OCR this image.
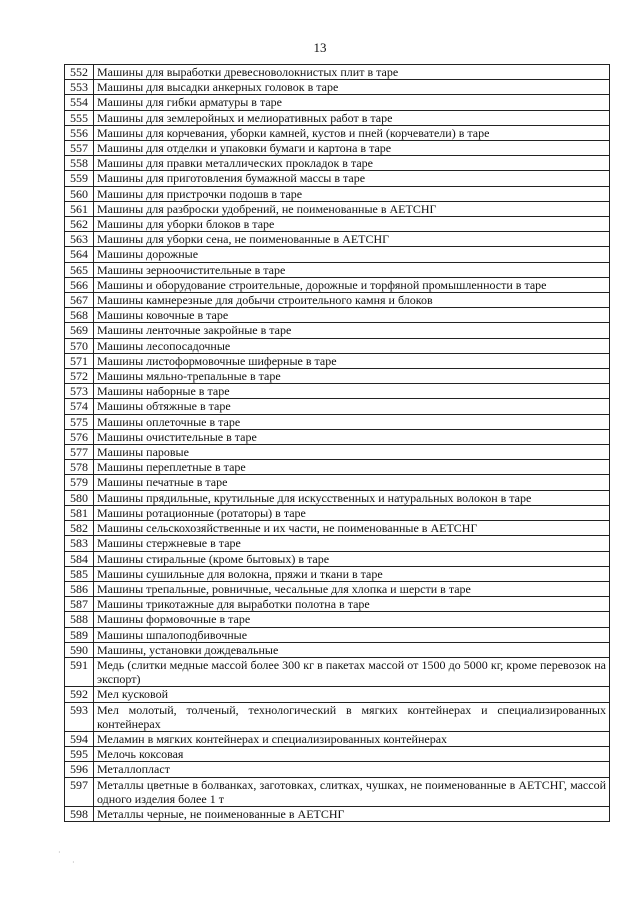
13
552	Машины для выработки древесноволокнистых плит в таре
553	Машины для высадки анкерных головок в таре
554	Машины для гибки арматуры в таре
555	Машины для землеройных и мелиоративных работ в таре
556	Машины для корчевания, уборки камней, кустов и пней (корчеватели) в таре
557	Машины для отделки и упаковки бумаги и картона в таре
558	Машины для правки металлических прокладок в таре
559	Машины для приготовления бумажной массы в таре
560	Машины для пристрочки подошв в таре
561	Машины для разброски удобрений, не поименованные в АЕТСНГ
562	Машины для уборки блоков в таре
563	Машины для уборки сена, не поименованные в АЕТСНГ
564	Машины дорожные
565	Машины зерноочистительные в таре
566	Машины и оборудование строительные, дорожные и торфяной промышленности в таре
567	Машины камнерезные для добычи строительного камня и блоков
568	Машины ковочные в таре
569	Машины ленточные закройные в таре
570	Машины лесопосадочные
571	Машины листоформовочные шиферные в таре
572	Машины мяльно-трепальные в таре
573	Машины наборные в таре
574	Машины обтяжные в таре
575	Машины оплеточные в таре
576	Машины очистительные в таре
577	Машины паровые
578	Машины переплетные в таре
579	Машины печатные в таре
580	Машины прядильные, крутильные для искусственных и натуральных волокон в таре
581	Машины ротационные (ротаторы) в таре
582	Машины сельскохозяйственные и их части, не поименованные в АЕТСНГ
583	Машины стержневые в таре
584	Машины стиральные (кроме бытовых) в таре
585	Машины сушильные для волокна, пряжи и ткани в таре
586	Машины трепальные, ровничные, чесальные для хлопка и шерсти в таре
587	Машины трикотажные для выработки полотна в таре
588	Машины формовочные в таре
589	Машины шпалоподбивочные
590	Машины, установки дождевальные
591	Медь (слитки медные массой более 300 кг в пакетах массой от 1500 до 5000 кг, кроме перевозок на экспорт)
592	Мел кусковой
593	Мел молотый, толченый, технологический в мягких контейнерах и специализированных контейнерах
594	Меламин в мягких контейнерах и специализированных контейнерах
595	Мелочь коксовая
596	Металлопласт
597	Металлы цветные в болванках, заготовках, слитках, чушках, не поименованные в АЕТСНГ, массой одного изделия более 1 т
598	Металлы черные, не поименованные в АЕТСНГ
·
·
